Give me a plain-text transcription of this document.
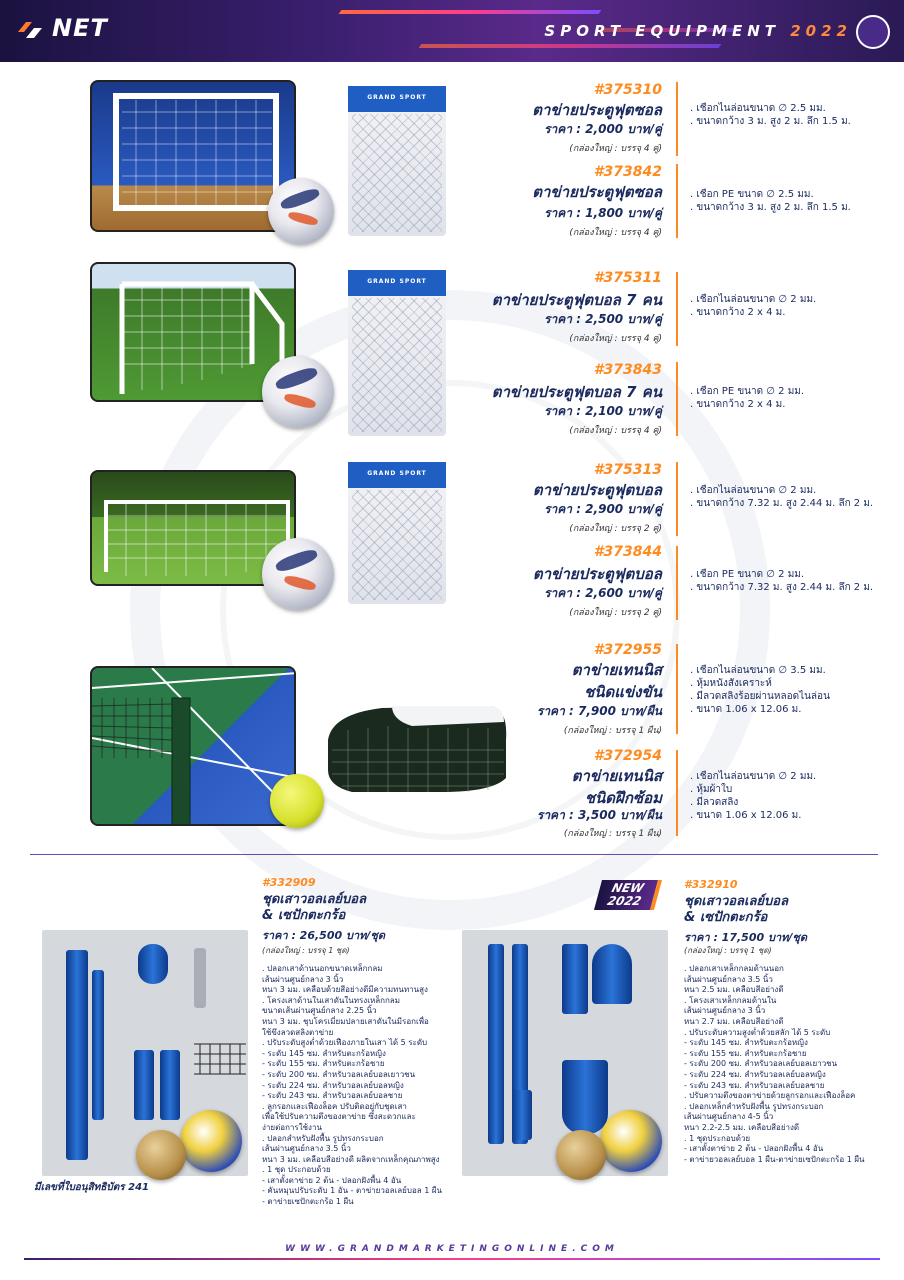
NET	SPORT EQUIPMENT 2022
GRAND SPORT
GRAND SPORT
GRAND SPORT
#375310
ตาข่ายประตูฟุตซอล
ราคา : 2,000 บาท/คู่
(กล่องใหญ่ : บรรจุ 4 คู่)
. เชือกไนล่อนขนาด ∅ 2.5 มม.
. ขนาดกว้าง 3 ม. สูง 2 ม. ลึก 1.5 ม.
#373842
ตาข่ายประตูฟุตซอล
ราคา : 1,800 บาท/คู่
(กล่องใหญ่ : บรรจุ 4 คู่)
. เชือก PE ขนาด ∅ 2.5 มม.
. ขนาดกว้าง 3 ม. สูง 2 ม. ลึก 1.5 ม.
#375311
ตาข่ายประตูฟุตบอล 7 คน
ราคา : 2,500 บาท/คู่
(กล่องใหญ่ : บรรจุ 4 คู่)
. เชือกไนล่อนขนาด ∅ 2 มม.
. ขนาดกว้าง 2 x 4 ม.
#373843
ตาข่ายประตูฟุตบอล 7 คน
ราคา : 2,100 บาท/คู่
(กล่องใหญ่ : บรรจุ 4 คู่)
. เชือก PE ขนาด ∅ 2 มม.
. ขนาดกว้าง 2 x 4 ม.
#375313
ตาข่ายประตูฟุตบอล
ราคา : 2,900 บาท/คู่
(กล่องใหญ่ : บรรจุ 2 คู่)
. เชือกไนล่อนขนาด ∅ 2 มม.
. ขนาดกว้าง 7.32 ม. สูง 2.44 ม. ลึก 2 ม.
#373844
ตาข่ายประตูฟุตบอล
ราคา : 2,600 บาท/คู่
(กล่องใหญ่ : บรรจุ 2 คู่)
. เชือก PE ขนาด ∅ 2 มม.
. ขนาดกว้าง 7.32 ม. สูง 2.44 ม. ลึก 2 ม.
#372955
ตาข่ายเทนนิส
ชนิดแข่งขัน
ราคา : 7,900 บาท/ผืน
(กล่องใหญ่ : บรรจุ 1 ผืน)
. เชือกไนล่อนขนาด ∅ 3.5 มม.
. หุ้มหนังสังเคราะห์
. มีลวดสลิงร้อยผ่านหลอดไนล่อน
. ขนาด 1.06 x 12.06 ม.
#372954
ตาข่ายเทนนิส
ชนิดฝึกซ้อม
ราคา : 3,500 บาท/ผืน
(กล่องใหญ่ : บรรจุ 1 ผืน)
. เชือกไนล่อนขนาด ∅ 2 มม.
. หุ้มผ้าใบ
. มีลวดสลิง
. ขนาด 1.06 x 12.06 ม.
มีเลขที่ใบอนุสิทธิบัตร 241
#332909
ชุดเสาวอลเลย์บอล
& เซปักตะกร้อ
ราคา : 26,500 บาท/ชุด
(กล่องใหญ่ : บรรจุ 1 ชุด)
. ปลอกเสาด้านนอกขนาดเหล็กกลม
เส้นผ่านศูนย์กลาง 3 นิ้ว
หนา 3 มม. เคลือบด้วยสีอย่างดีมีความทนทานสูง
. โครงเสาด้านในเสาดันในทรงเหล็กกลม
ขนาดเส้นผ่านศูนย์กลาง 2.25 นิ้ว
หนา 3 มม. ชุบโครเมี่ยมปลายเสาดันในมีรอกเพื่อ
ใช้ขึงลวดสลิงตาข่าย
. ปรับระดับสูงต่ำด้วยเฟืองภายในเสา ได้ 5 ระดับ
- ระดับ 145 ซม. สำหรับตะกร้อหญิง
- ระดับ 155 ซม. สำหรับตะกร้อชาย
- ระดับ 200 ซม. สำหรับวอลเลย์บอลเยาวชน
- ระดับ 224 ซม. สำหรับวอลเลย์บอลหญิง
- ระดับ 243 ซม. สำหรับวอลเลย์บอลชาย
. ลูกรอกและเฟืองล็อค ปรับติดอยู่กับชุดเสา
เพื่อใช้ปรับความตึงของตาข่าย ซึ่งสะดวกและ
ง่ายต่อการใช้งาน
. ปลอกสำหรับฝังพื้น รูปทรงกระบอก
เส้นผ่านศูนย์กลาง 3.5 นิ้ว
หนา 3 มม. เคลือบสีอย่างดี ผลิตจากเหล็กคุณภาพสูง
. 1 ชุด ประกอบด้วย
- เสาตั้งตาข่าย 2 ต้น - ปลอกฝังพื้น 4 อัน
- คันหมุนปรับระดับ 1 อัน - ตาข่ายวอลเลย์บอล 1 ผืน
- ตาข่ายเซปักตะกร้อ 1 ผืน
NEW
2022
#332910
ชุดเสาวอลเลย์บอล
& เซปักตะกร้อ
ราคา : 17,500 บาท/ชุด
(กล่องใหญ่ : บรรจุ 1 ชุด)
. ปลอกเสาเหล็กกลมด้านนอก
เส้นผ่านศูนย์กลาง 3.5 นิ้ว
หนา 2.5 มม. เคลือบสีอย่างดี
. โครงเสาเหล็กกลมด้านใน
เส้นผ่านศูนย์กลาง 3 นิ้ว
หนา 2.7 มม. เคลือบสีอย่างดี
. ปรับระดับความสูงต่ำด้วยสลัก ได้ 5 ระดับ
- ระดับ 145 ซม. สำหรับตะกร้อหญิง
- ระดับ 155 ซม. สำหรับตะกร้อชาย
- ระดับ 200 ซม. สำหรับวอลเลย์บอลเยาวชน
- ระดับ 224 ซม. สำหรับวอลเลย์บอลหญิง
- ระดับ 243 ซม. สำหรับวอลเลย์บอลชาย
. ปรับความตึงของตาข่ายด้วยลูกรอกและเฟืองล็อค
. ปลอกเหล็กสำหรับฝังพื้น รูปทรงกระบอก
เส้นผ่านศูนย์กลาง 4-5 นิ้ว
หนา 2.2-2.5 มม. เคลือบสีอย่างดี
. 1 ชุดประกอบด้วย
- เสาตั้งตาข่าย 2 ต้น - ปลอกฝังพื้น 4 อัน
- ตาข่ายวอลเลย์บอล 1 ผืน-ตาข่ายเซปักตะกร้อ 1 ผืน
WWW.GRANDMARKETINGONLINE.COM
